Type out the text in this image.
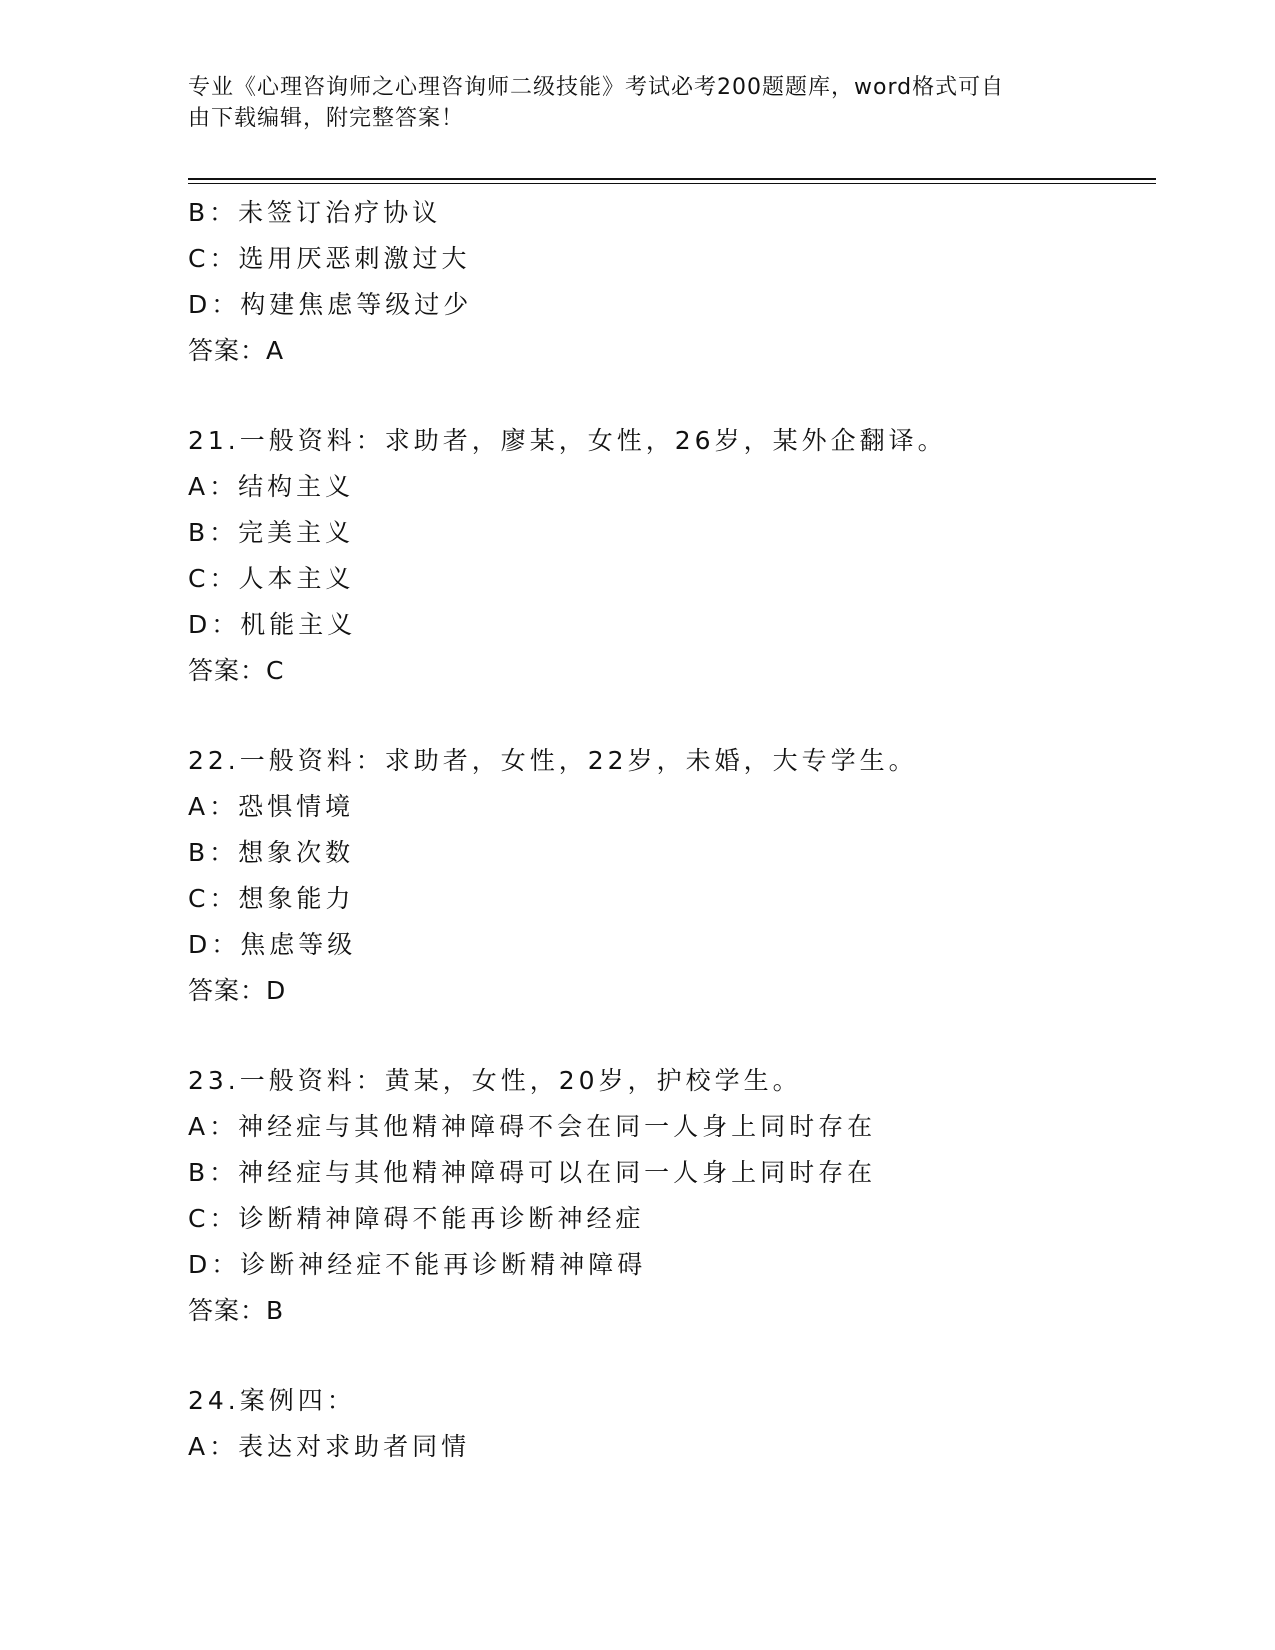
专业《心理咨询师之心理咨询师二级技能》考试必考200题题库，word格式可自
由下载编辑，附完整答案！
B：未签订治疗协议
C：选用厌恶刺激过大
D：构建焦虑等级过少
答案：A
21.一般资料：求助者，廖某，女性，26岁，某外企翻译。
A：结构主义
B：完美主义
C：人本主义
D：机能主义
答案：C
22.一般资料：求助者，女性，22岁，未婚，大专学生。
A：恐惧情境
B：想象次数
C：想象能力
D：焦虑等级
答案：D
23.一般资料：黄某，女性，20岁，护校学生。
A：神经症与其他精神障碍不会在同一人身上同时存在
B：神经症与其他精神障碍可以在同一人身上同时存在
C：诊断精神障碍不能再诊断神经症
D：诊断神经症不能再诊断精神障碍
答案：B
24.案例四：
A：表达对求助者同情
